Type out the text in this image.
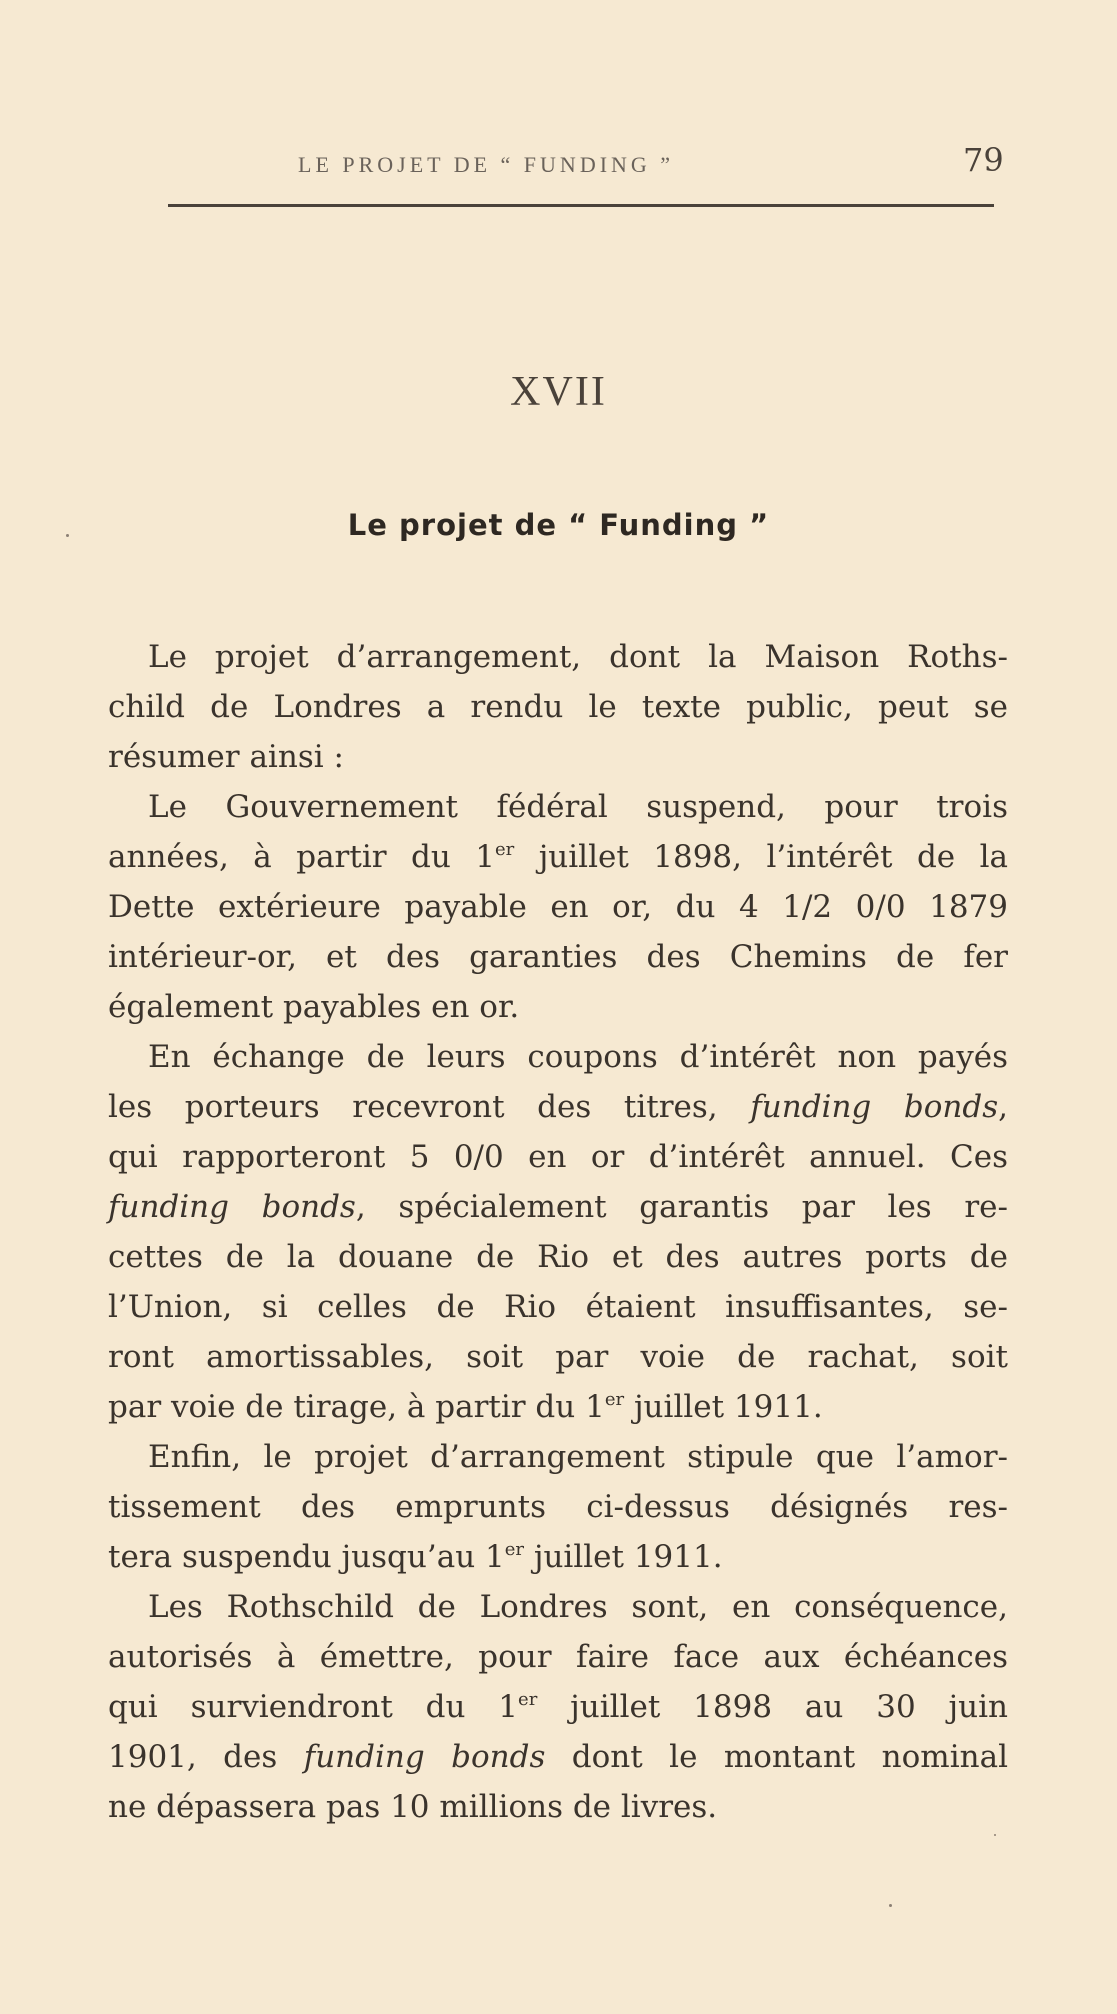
LE PROJET DE “ FUNDING ”	79
XVII
Le projet de “ Funding ”
Le projet d’arrangement, dont la Maison Roths-
child de Londres a rendu le texte public, peut se
résumer ainsi :
Le Gouvernement fédéral suspend, pour trois
années, à partir du 1er juillet 1898, l’intérêt de la
Dette extérieure payable en or, du 4 1/2 0/0 1879
intérieur-or, et des garanties des Chemins de fer
également payables en or.
En échange de leurs coupons d’intérêt non payés
les porteurs recevront des titres, funding bonds,
qui rapporteront 5 0/0 en or d’intérêt annuel. Ces
funding bonds, spécialement garantis par les re-
cettes de la douane de Rio et des autres ports de
l’Union, si celles de Rio étaient insuffisantes, se-
ront amortissables, soit par voie de rachat, soit
par voie de tirage, à partir du 1er juillet 1911.
Enfin, le projet d’arrangement stipule que l’amor-
tissement des emprunts ci-dessus désignés res-
tera suspendu jusqu’au 1er juillet 1911.
Les Rothschild de Londres sont, en conséquence,
autorisés à émettre, pour faire face aux échéances
qui surviendront du 1er juillet 1898 au 30 juin
1901, des funding bonds dont le montant nominal
ne dépassera pas 10 millions de livres.
